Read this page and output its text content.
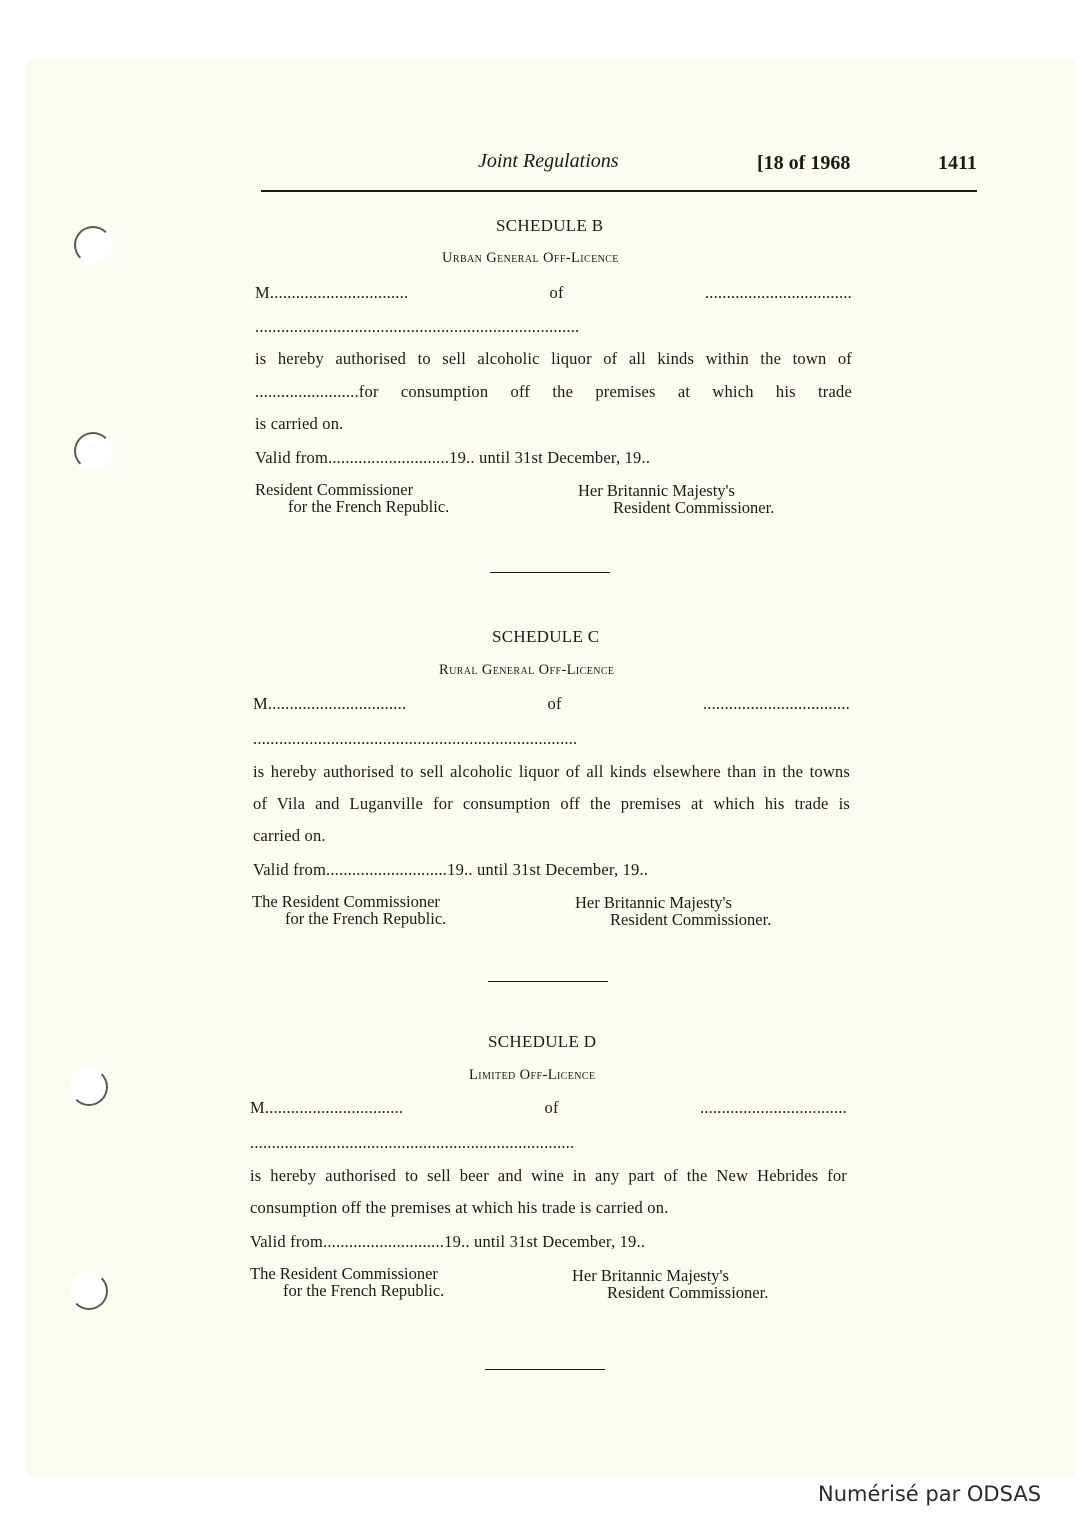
Joint Regulations	[18 of 1968	1411
SCHEDULE B
Urban General Off-Licence
M................................ of ..................................
...........................................................................
is hereby authorised to sell alcoholic liquor of all kinds within the town of
........................for consumption off the premises at which his trade
is carried on.
Valid from............................19.. until 31st December, 19..
Resident Commissioner
for the French Republic.
Her Britannic Majesty's
Resident Commissioner.
SCHEDULE C
Rural General Off-Licence
M................................ of ..................................
...........................................................................
is hereby authorised to sell alcoholic liquor of all kinds elsewhere than in the towns
of Vila and Luganville for consumption off the premises at which his trade is
carried on.
Valid from............................19.. until 31st December, 19..
The Resident Commissioner
for the French Republic.
Her Britannic Majesty's
Resident Commissioner.
SCHEDULE D
Limited Off-Licence
M................................ of ..................................
...........................................................................
is hereby authorised to sell beer and wine in any part of the New Hebrides for
consumption off the premises at which his trade is carried on.
Valid from............................19.. until 31st December, 19..
The Resident Commissioner
for the French Republic.
Her Britannic Majesty's
Resident Commissioner.
Numérisé par ODSAS
